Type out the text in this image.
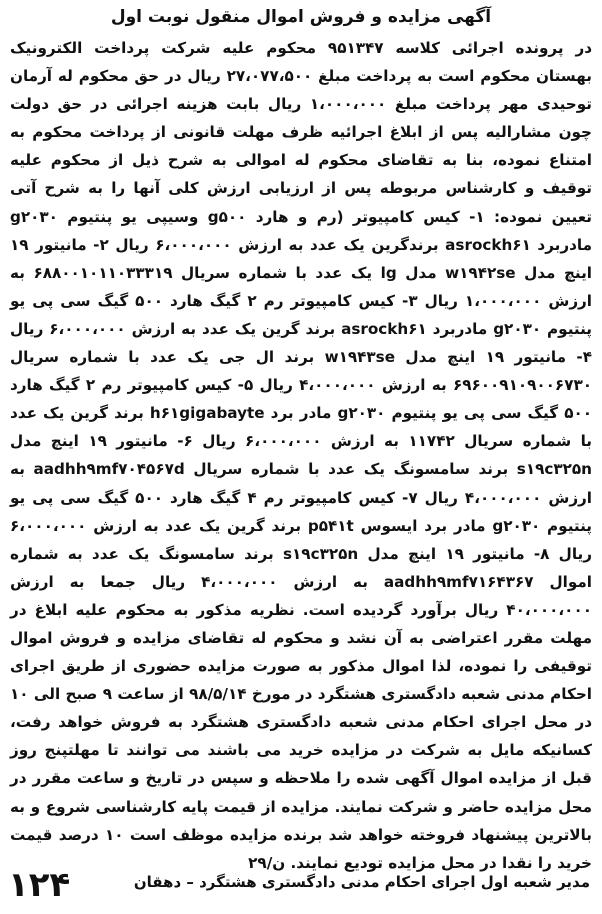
آگهی مزایده و فروش اموال منقول نوبت اول

در پرونده اجرائی کلاسه ۹۵۱۳۴۷ محکوم علیه شرکت پرداخت الکترونیک بهستان محکوم است به پرداخت مبلغ ۲۷،۰۷۷،۵۰۰ ریال در حق محکوم له آرمان توحیدی مهر پرداخت مبلغ ۱،۰۰۰،۰۰۰ ریال بابت هزینه اجرائی در حق دولت چون مشارالیه پس از ابلاغ اجرائیه ظرف مهلت قانونی از پرداخت محکوم به امتناع نموده، بنا به تقاضای محکوم له اموالی به شرح ذیل از محکوم علیه توقیف و کارشناس مربوطه پس از ارزیابی ارزش کلی آنها را به شرح آتی تعیین نموده: ۱- کیس کامپیوتر (رم و هارد g۵۰۰ وسیپی یو پنتیوم g۲۰۳۰ مادربرد asrockh۶۱ برندگرین یک عدد به ارزش ۶،۰۰۰،۰۰۰ ریال ۲- مانیتور ۱۹ اینچ مدل w۱۹۴۲se مدل lg یک عدد با شماره سریال ۶۸۸۰۰۱۰۱۱۰۳۳۳۱۹ به ارزش ۱،۰۰۰،۰۰۰ ریال ۳- کیس کامپیوتر رم ۲ گیگ هارد ۵۰۰ گیگ سی پی یو پنتیوم g۲۰۳۰ مادربرد asrockh۶۱ برند گرین یک عدد به ارزش ۶،۰۰۰،۰۰۰ ریال ۴- مانیتور ۱۹ اینچ مدل w۱۹۴۳se برند ال جی یک عدد با شماره سریال ۶۹۶۰۰۹۱۰۹۰۰۶۷۳۰ به ارزش ۴،۰۰۰،۰۰۰ ریال ۵- کیس کامپیوتر رم ۲ گیگ هارد ۵۰۰ گیگ سی پی یو پنتیوم g۲۰۳۰ مادر برد h۶۱gigabayte برند گرین یک عدد با شماره سریال ۱۱۷۴۲ به ارزش ۶،۰۰۰،۰۰۰ ریال ۶- مانیتور ۱۹ اینچ مدل s۱۹c۳۲۵n برند سامسونگ یک عدد با شماره سریال aadhh۹mf۷۰۴۵۶۷d به ارزش ۴،۰۰۰،۰۰۰ ریال ۷- کیس کامپیوتر رم ۴ گیگ هارد ۵۰۰ گیگ سی پی یو پنتیوم g۲۰۳۰ مادر برد ایسوس p۵۴۱t برند گرین یک عدد به ارزش ۶،۰۰۰،۰۰۰ ریال ۸- مانیتور ۱۹ اینچ مدل s۱۹c۳۲۵n برند سامسونگ یک عدد به شماره اموال aadhh۹mf۷۱۶۴۳۶۷ به ارزش ۴،۰۰۰،۰۰۰ ریال جمعا به ارزش ۴۰،۰۰۰،۰۰۰ ریال برآورد گردیده است. نظریه مذکور به محکوم علیه ابلاغ در مهلت مقرر اعتراضی به آن نشد و محکوم له تقاضای مزایده و فروش اموال توقیفی را نموده، لذا اموال مذکور به صورت مزایده حضوری از طریق اجرای احکام مدنی شعبه دادگستری هشتگرد در مورخ ۹۸/۵/۱۴ از ساعت ۹ صبح الی ۱۰ در محل اجرای احکام مدنی شعبه دادگستری هشتگرد به فروش خواهد رفت، کسانیکه مایل به شرکت در مزایده خرید می باشند می توانند تا مهلتپنج روز قبل از مزایده اموال آگهی شده را ملاحظه و سپس در تاریخ و ساعت مقرر در محل مزایده حاضر و شرکت نمایند. مزایده از قیمت پایه کارشناسی شروع و به بالاترین پیشنهاد فروخته خواهد شد برنده مزایده موظف است ۱۰ درصد قیمت خرید را نقدا در محل مزایده تودیع نمایند. ن/۲۹

مدیر شعبه اول اجرای احکام مدنی دادگستری هشتگرد – دهقان
۱۲۴
